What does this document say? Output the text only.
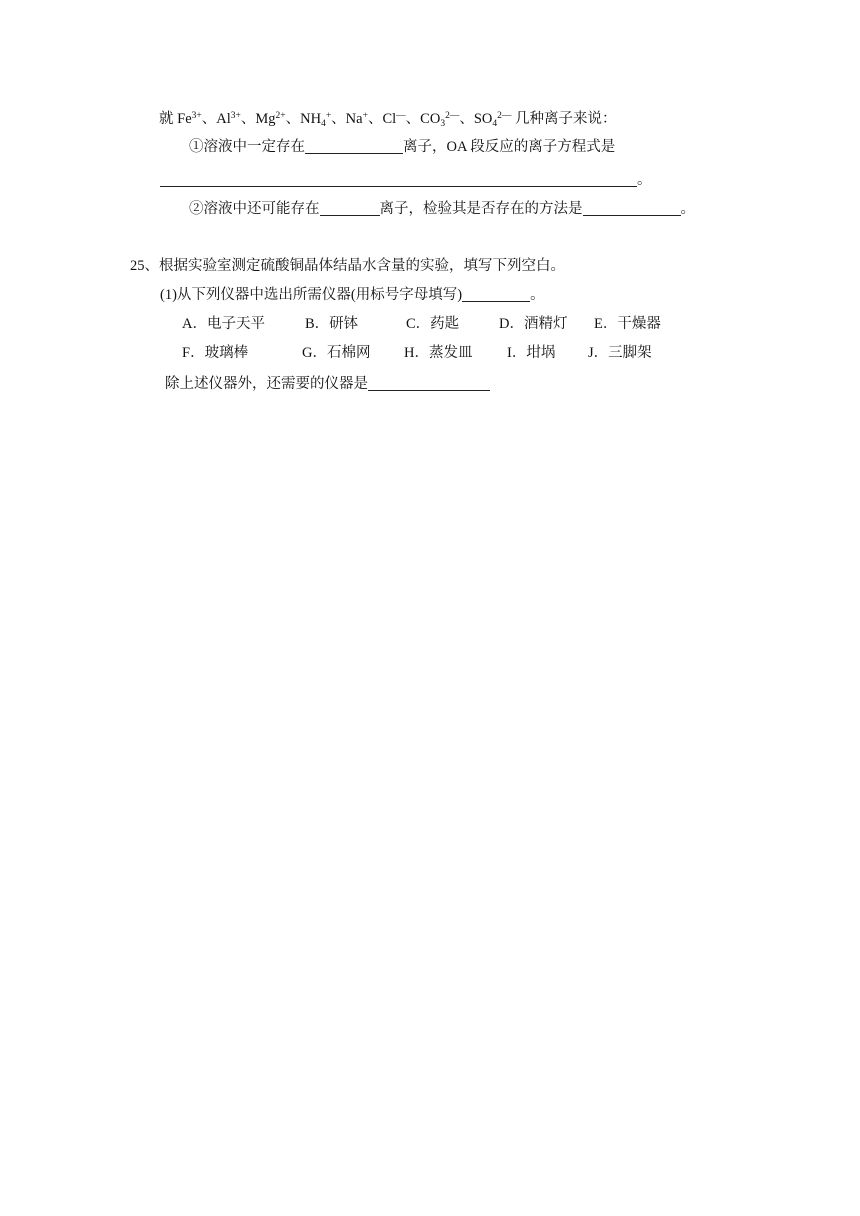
就 $Fe^{3+}$、$Al^{3+}$、$Mg^{2+}$、$NH_4^+$、Na+、Cl—、$CO_3^{2—}$、$SO_4^{2—}$ 几种离子来说：
①溶液中一定存在	离子，OA 段反应的离子方程式是
。
②溶液中还可能存在	离子，检验其是否存在的方法是	。
25、根据实验室测定硫酸铜晶体结晶水含量的实验，填写下列空白。
(1)从下列仪器中选出所需仪器(用标号字母填写)	。
A．电子天平	B．研钵	C．药匙	D．酒精灯 E．干燥器
F．玻璃棒	G．石棉网 H．蒸发皿 I．坩埚 J．三脚架
除上述仪器外，还需要的仪器是
